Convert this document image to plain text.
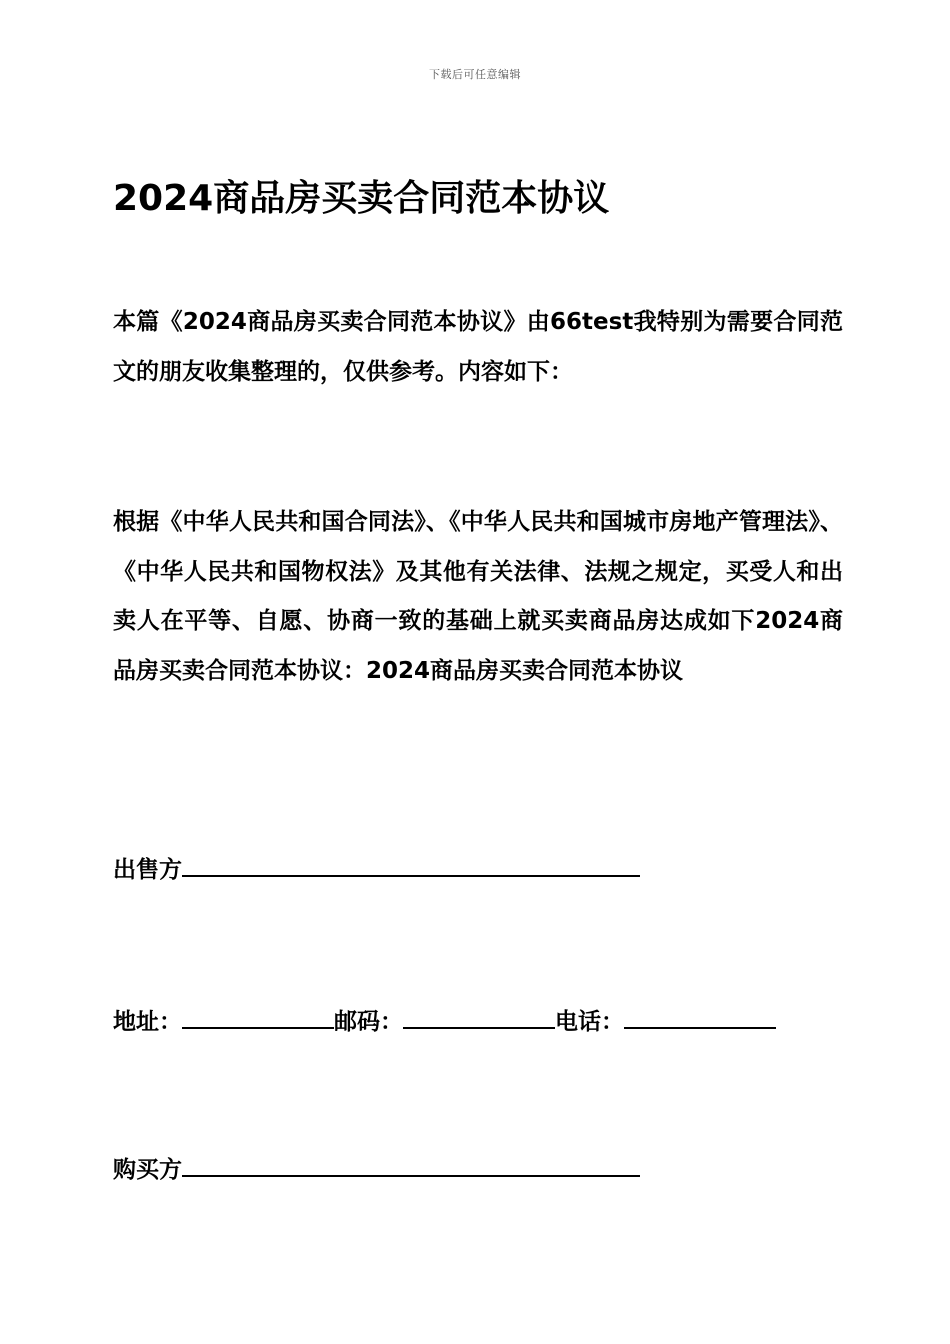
下载后可任意编辑
2024商品房买卖合同范本协议

本篇《2024商品房买卖合同范本协议》由66test我特别为需要合同范文的朋友收集整理的，仅供参考。内容如下：

根据《中华人民共和国合同法》、《中华人民共和国城市房地产管理法》、《中华人民共和国物权法》及其他有关法律、法规之规定，买受人和出卖人在平等、自愿、协商一致的基础上就买卖商品房达成如下2024商品房买卖合同范本协议：2024商品房买卖合同范本协议

出售方
地址：	邮码：	电话：
购买方
